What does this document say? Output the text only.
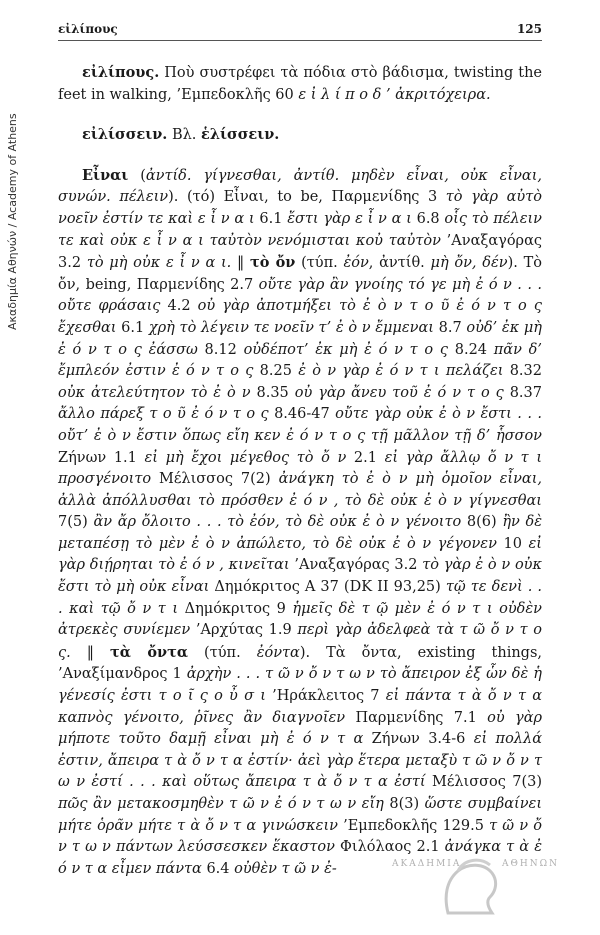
Ακαδημία Αθηνών / Academy of Athens
εἰλίπους	125

εἰλίπους. Ποὺ συστρέφει τὰ πόδια στὸ βάδισμα, twisting the feet in walking, ’Εμπεδοκλῆς 60 ε ἰ λ ί π ο δ ’ ἀκριτόχειρα.

εἰλίσσειν. Βλ. ἑλίσσειν.

Εἶναι (ἀντίδ. γίγνεσθαι, ἀντίθ. μηδὲν εἶναι, οὐκ εἶναι, συνών. πέλειν). (τό) Εἶναι, to be, Παρμενίδης 3 τὸ γὰρ αὐτὸ νοεῖν ἐστίν τε καὶ ε ἶ ν α ι 6.1 ἔστι γὰρ ε ἶ ν α ι 6.8 οἷς τὸ πέλειν τε καὶ οὐκ ε ἶ ν α ι ταὐτὸν νενόμισται κοὐ ταὐτὸν ’Αναξαγόρας 3.2 τὸ μὴ οὐκ ε ἶ ν α ι. ‖ τὸ ὄν (τύπ. ἐόν, ἀντίθ. μὴ ὄν, δέν). Τὸ ὄν, being, Παρμενίδης 2.7 οὔτε γὰρ ἂν γνοίης τό γε μὴ ἐ ό ν . . . οὔτε φράσαις 4.2 οὐ γὰρ ἀποτμήξει τὸ ἐ ὸ ν τ ο ῦ ἐ ό ν τ ο ς ἔχεσθαι 6.1 χρὴ τὸ λέγειν τε νοεῖν τ’ ἐ ὸ ν ἔμμεναι 8.7 οὐδ’ ἐκ μὴ ἐ ό ν τ ο ς ἐάσσω 8.12 οὐδέποτ’ ἐκ μὴ ἐ ό ν τ ο ς 8.24 πᾶν δ’ ἔμπλεόν ἐστιν ἐ ό ν τ ο ς 8.25 ἐ ὸ ν γὰρ ἐ ό ν τ ι πελάζει 8.32 οὐκ ἀτελεύτητον τὸ ἐ ὸ ν 8.35 οὐ γὰρ ἄνευ τοῦ ἐ ό ν τ ο ς 8.37 ἄλλο πάρεξ τ ο ῦ ἐ ό ν τ ο ς 8.46-47 οὔτε γὰρ οὐκ ἐ ὸ ν ἔστι . . . οὔτ’ ἐ ὸ ν ἔστιν ὅπως εἴη κεν ἐ ό ν τ ο ς τῇ μᾶλλον τῇ δ’ ἧσσον Ζήνων 1.1 εἰ μὴ ἔχοι μέγεθος τὸ ὄ ν 2.1 εἰ γὰρ ἄλλῳ ὄ ν τ ι προσγένοιτο Μέλισσος 7(2) ἀνάγκη τὸ ἐ ὸ ν μὴ ὁμοῖον εἶναι, ἀλλὰ ἀπόλλυσθαι τὸ πρόσθεν ἐ ό ν , τὸ δὲ οὐκ ἐ ὸ ν γίγνεσθαι 7(5) ἂν ἄρ ὄλοιτο . . . τὸ ἐόν, τὸ δὲ οὐκ ἐ ὸ ν γένοιτο 8(6) ἢν δὲ μεταπέσῃ τὸ μὲν ἐ ὸ ν ἀπώλετο, τὸ δὲ οὐκ ἐ ὸ ν γέγονεν 10 εἰ γὰρ διῄρηται τὸ ἐ ό ν , κινεῖται ’Αναξαγόρας 3.2 τὸ γὰρ ἐ ὸ ν οὐκ ἔστι τὸ μὴ οὐκ εἶναι Δημόκριτος Α 37 (DK II 93,25) τῷ τε δενὶ . . . καὶ τῷ ὄ ν τ ι Δημόκριτος 9 ἡμεῖς δὲ τ ῷ μὲν ἐ ό ν τ ι οὐδὲν ἀτρεκὲς συνίεμεν ’Αρχύτας 1.9 περὶ γὰρ ἀδελφεὰ τὰ τ ῶ ὄ ν τ ο ς. ‖ τὰ ὄντα (τύπ. ἐόντα). Τὰ ὄντα, existing things, ’Αναξίμανδρος 1 ἀρχὴν . . . τ ῶ ν ὄ ν τ ω ν τὸ ἄπειρον ἐξ ὧν δὲ ἡ γένεσίς ἐστι τ ο ῖ ς ο ὖ σ ι ’Ηράκλειτος 7 εἰ πάντα τ ὰ ὄ ν τ α καπνὸς γένοιτο, ῥῖνες ἂν διαγνοῖεν Παρμενίδης 7.1 οὐ γὰρ μήποτε τοῦτο δαμῇ εἶναι μὴ ἐ ό ν τ α Ζήνων 3.4-6 εἰ πολλά ἐστιν, ἄπειρα τ ὰ ὄ ν τ α ἐστίν· ἀεὶ γὰρ ἕτερα μεταξὺ τ ῶ ν ὄ ν τ ω ν ἐστί . . . καὶ οὕτως ἄπειρα τ ὰ ὄ ν τ α ἐστί Μέλισσος 7(3) πῶς ἂν μετακοσμηθὲν τ ῶ ν ἐ ό ν τ ω ν εἴη 8(3) ὥστε συμβαίνει μήτε ὁρᾶν μήτε τ ὰ ὄ ν τ α γινώσκειν ’Εμπεδοκλῆς 129.5 τ ῶ ν ὄ ν τ ω ν πάντων λεύσσεσκεν ἕκαστον Φιλόλαος 2.1 ἀνάγκα τ ὰ ἐ ό ν τ α εἶμεν πάντα 6.4 οὐθὲν τ ῶ ν ἐ-	ΑΚΑΔΗΜΙΑ	ΑΘΗΝΩΝ
